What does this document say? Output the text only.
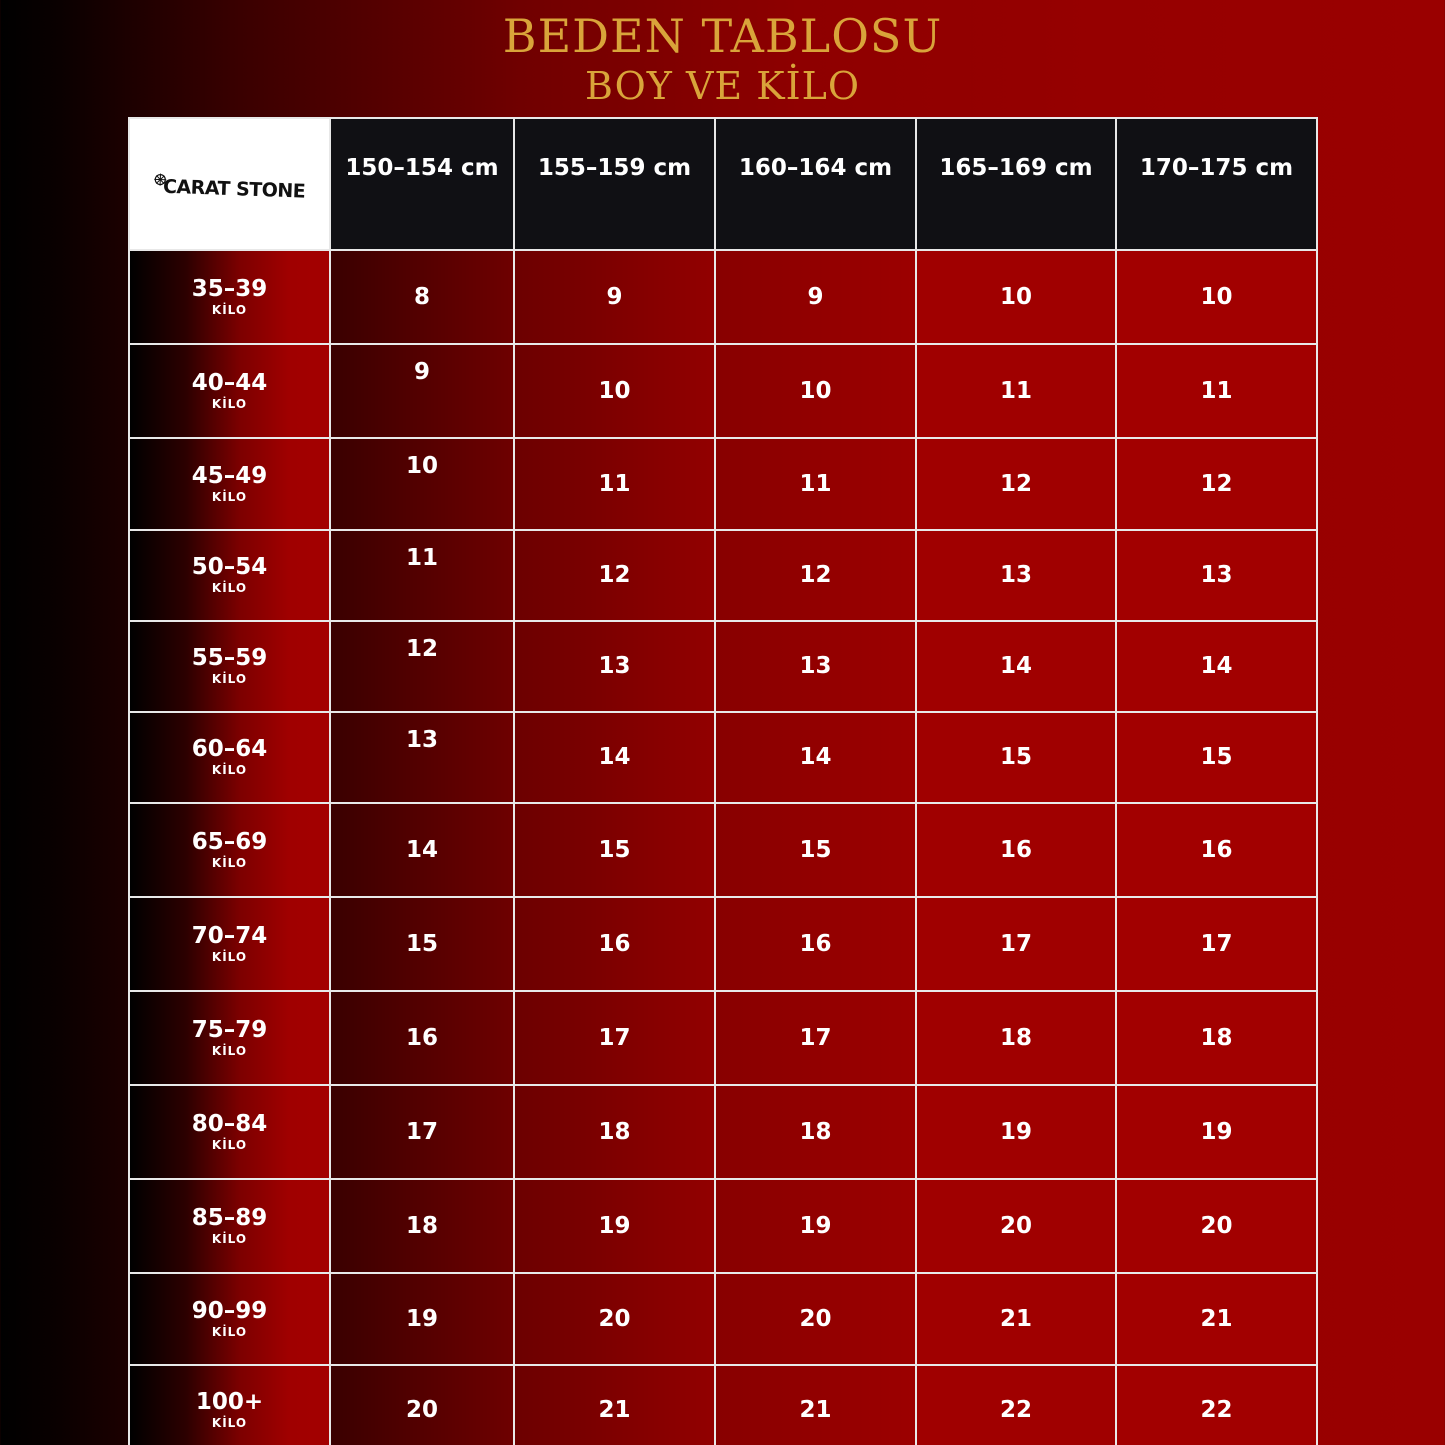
BEDEN TABLOSU
BOY VE KİLO
CARAT STONE	150–154 cm	155–159 cm	160–164 cm	165–169 cm	170–175 cm

35–39
KİLO	8	9	9	10	10

40–44
KİLO	9	10	10	11	11

45–49
KİLO	10	11	11	12	12

50–54
KİLO	11	12	12	13	13

55–59
KİLO	12	13	13	14	14

60–64
KİLO	13	14	14	15	15

65–69
KİLO	14	15	15	16	16

70–74
KİLO	15	16	16	17	17

75–79
KİLO	16	17	17	18	18

80–84
KİLO	17	18	18	19	19

85–89
KİLO	18	19	19	20	20

90–99
KİLO	19	20	20	21	21

100+
KİLO	20	21	21	22	22
